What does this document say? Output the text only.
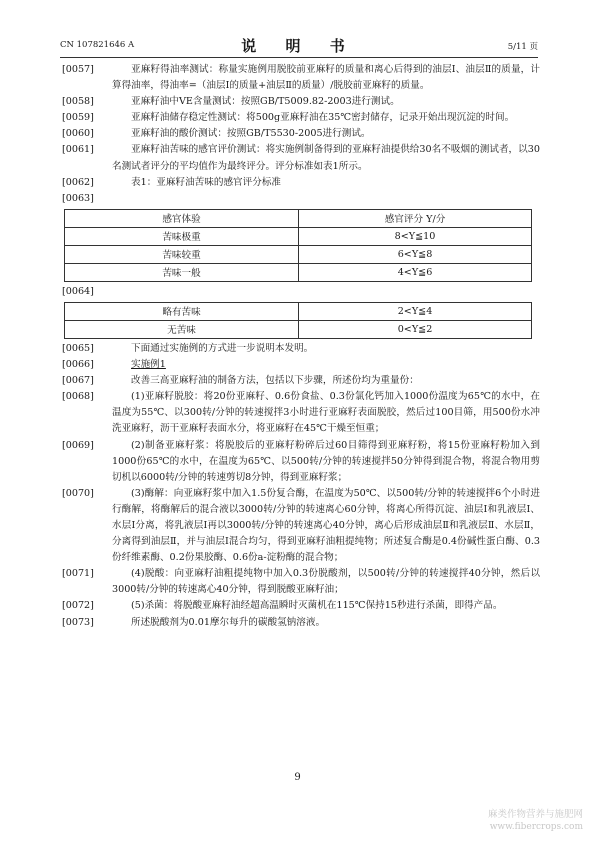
CN 107821646 A	说 明 书	5/11 页
[0057]	亚麻籽得油率测试：称量实施例用脱胶前亚麻籽的质量和离心后得到的油层Ⅰ、油层Ⅱ的质量，计算得油率，得油率=（油层Ⅰ的质量+油层Ⅱ的质量）/脱胶前亚麻籽的质量。
[0058]	亚麻籽油中VE含量测试：按照GB/T5009.82-2003进行测试。
[0059]	亚麻籽油储存稳定性测试：将500g亚麻籽油在35℃密封储存，记录开始出现沉淀的时间。
[0060]	亚麻籽油的酸价测试：按照GB/T5530-2005进行测试。
[0061]	亚麻籽油苦味的感官评价测试：将实施例制备得到的亚麻籽油提供给30名不吸烟的测试者，以30名测试者评分的平均值作为最终评分。评分标准如表1所示。
[0062]	表1：亚麻籽油苦味的感官评分标准
[0063]

感官体验	感官评分 Y/分
苦味极重	8<Y≦10
苦味较重	6<Y≦8
苦味一般	4<Y≦6
[0064]

略有苦味	2<Y≦4
无苦味	0<Y≦2
[0065]	下面通过实施例的方式进一步说明本发明。
[0066]	实施例1
[0067]	改善三高亚麻籽油的制备方法，包括以下步骤，所述份均为重量份：
[0068]	(1)亚麻籽脱胶：将20份亚麻籽、0.6份食盐、0.3份氯化钙加入1000份温度为65℃的水中，在温度为55℃、以300转/分钟的转速搅拌3小时进行亚麻籽表面脱胶，然后过100目筛，用500份水冲洗亚麻籽，沥干亚麻籽表面水分，将亚麻籽在45℃干燥至恒重；
[0069]	(2)制备亚麻籽浆：将脱胶后的亚麻籽粉碎后过60目筛得到亚麻籽粉，将15份亚麻籽粉加入到1000份65℃的水中，在温度为65℃、以500转/分钟的转速搅拌50分钟得到混合物，将混合物用剪切机以6000转/分钟的转速剪切8分钟，得到亚麻籽浆；
[0070]	(3)酶解：向亚麻籽浆中加入1.5份复合酶，在温度为50℃、以500转/分钟的转速搅拌6个小时进行酶解，将酶解后的混合液以3000转/分钟的转速离心60分钟，将离心所得沉淀、油层Ⅰ和乳液层Ⅰ、水层Ⅰ分离，将乳液层Ⅰ再以3000转/分钟的转速离心40分钟，离心后形成油层Ⅱ和乳液层Ⅱ、水层Ⅱ，分离得到油层Ⅱ，并与油层Ⅰ混合均匀，得到亚麻籽油粗提纯物；所述复合酶是0.4份碱性蛋白酶、0.3份纤维素酶、0.2份果胶酶、0.6份a-淀粉酶的混合物；
[0071]	(4)脱酸：向亚麻籽油粗提纯物中加入0.3份脱酸剂，以500转/分钟的转速搅拌40分钟，然后以3000转/分钟的转速离心40分钟，得到脱酸亚麻籽油；
[0072]	(5)杀菌：将脱酸亚麻籽油经超高温瞬时灭菌机在115℃保持15秒进行杀菌，即得产品。
[0073]	所述脱酸剂为0.01摩尔每升的碳酸氢钠溶液。
9
麻类作物营养与施肥网
www.fibercrops.com
